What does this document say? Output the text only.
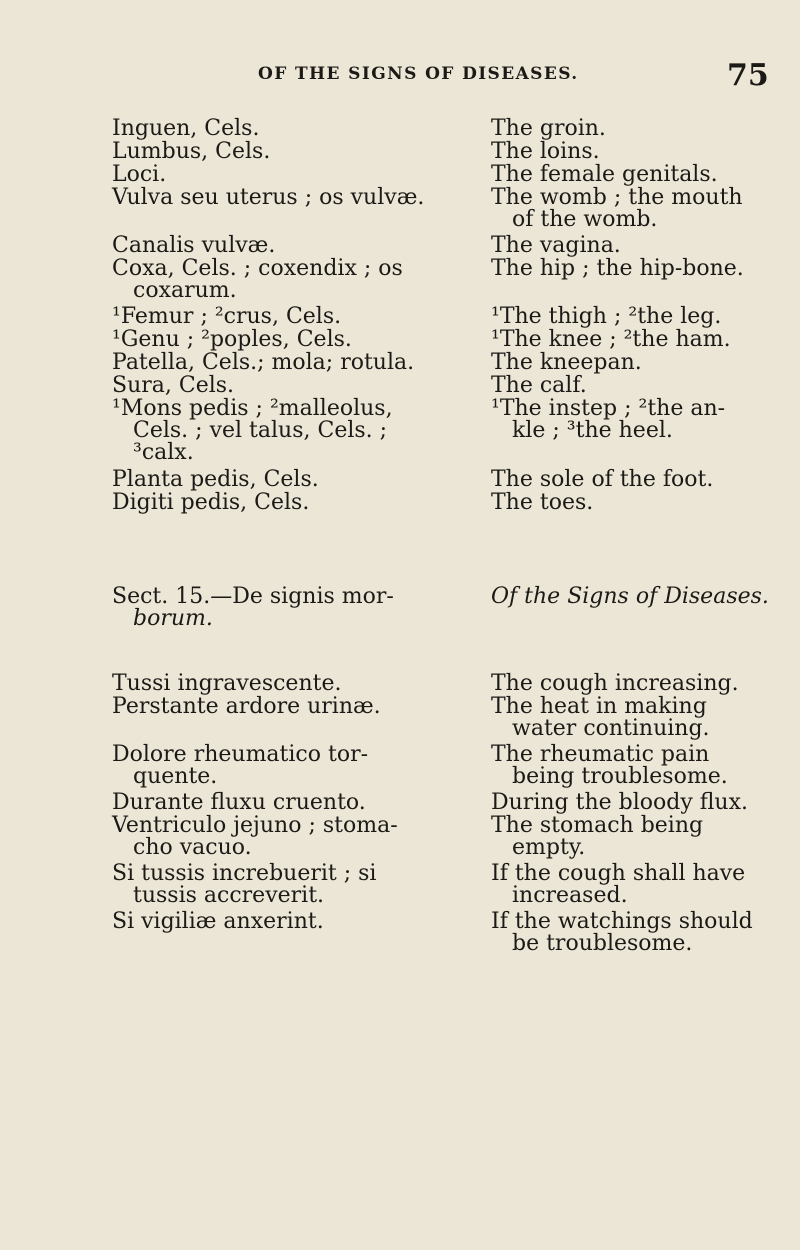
OF THE SIGNS OF DISEASES.	75

Inguen, Cels.

Lumbus, Cels.

Loci.

Vulva seu uterus ; os vulvæ.

Canalis vulvæ.

Coxa, Cels. ; coxendix ; os
coxarum.

¹Femur ; ²crus, Cels.

¹Genu ; ²poples, Cels.

Patella, Cels.; mola; rotula.

Sura, Cels.

¹Mons pedis ; ²malleolus,
Cels. ; vel talus, Cels. ;
³calx.

Planta pedis, Cels.

Digiti pedis, Cels.

Sect. 15.—De signis mor-
borum.

Tussi ingravescente.

Perstante ardore urinæ.

Dolore rheumatico tor-
quente.

Durante fluxu cruento.

Ventriculo jejuno ; stoma-
cho vacuo.

Si tussis increbuerit ; si
tussis accreverit.

Si vigiliæ anxerint.

The groin.

The loins.

The female genitals.

The womb ; the mouth
of the womb.

The vagina.

The hip ; the hip-bone.

¹The thigh ; ²the leg.

¹The knee ; ²the ham.

The kneepan.

The calf.

¹The instep ; ²the an-
kle ; ³the heel.

The sole of the foot.

The toes.

Of the Signs of Diseases.

The cough increasing.

The heat in making
water continuing.

The rheumatic pain
being troublesome.

During the bloody flux.

The stomach being
empty.

If the cough shall have
increased.

If the watchings should
be troublesome.
